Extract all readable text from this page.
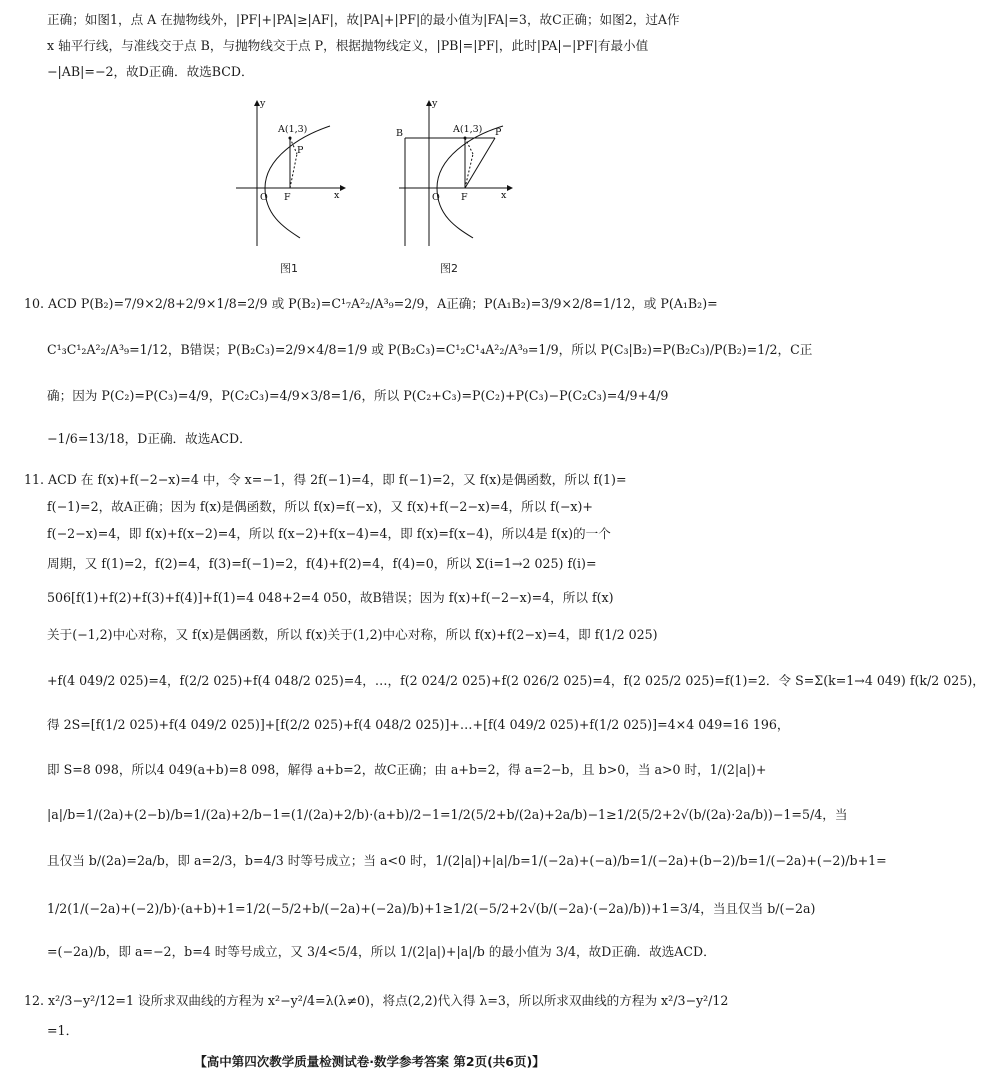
正确；如图1，点 A 在抛物线外，|PF|+|PA|≥|AF|，故|PA|+|PF|的最小值为|FA|=3，故C正确；如图2，过A作
x 轴平行线，与准线交于点 B，与抛物线交于点 P，根据抛物线定义，|PB|=|PF|，此时|PA|−|PF|有最小值
−|AB|=−2，故D正确．故选BCD．
y
x
O F
A(1,3)
P
图1
y
x
O F
A(1,3) P
B
图2
10. ACD P(B₂)=7/9×2/8+2/9×1/8=2/9 或 P(B₂)=C¹₇A²₂/A³₉=2/9，A正确；P(A₁B₂)=3/9×2/8=1/12，或 P(A₁B₂)=
C¹₃C¹₂A²₂/A³₉=1/12，B错误；P(B₂C₃)=2/9×4/8=1/9 或 P(B₂C₃)=C¹₂C¹₄A²₂/A³₉=1/9，所以 P(C₃|B₂)=P(B₂C₃)/P(B₂)=1/2，C正
确；因为 P(C₂)=P(C₃)=4/9，P(C₂C₃)=4/9×3/8=1/6，所以 P(C₂+C₃)=P(C₂)+P(C₃)−P(C₂C₃)=4/9+4/9
−1/6=13/18，D正确．故选ACD．
11. ACD 在 f(x)+f(−2−x)=4 中，令 x=−1，得 2f(−1)=4，即 f(−1)=2，又 f(x)是偶函数，所以 f(1)=
f(−1)=2，故A正确；因为 f(x)是偶函数，所以 f(x)=f(−x)，又 f(x)+f(−2−x)=4，所以 f(−x)+
f(−2−x)=4，即 f(x)+f(x−2)=4，所以 f(x−2)+f(x−4)=4，即 f(x)=f(x−4)，所以4是 f(x)的一个
周期，又 f(1)=2，f(2)=4，f(3)=f(−1)=2，f(4)+f(2)=4，f(4)=0，所以 Σ(i=1→2 025) f(i)=
506[f(1)+f(2)+f(3)+f(4)]+f(1)=4 048+2=4 050，故B错误；因为 f(x)+f(−2−x)=4，所以 f(x)
关于(−1,2)中心对称，又 f(x)是偶函数，所以 f(x)关于(1,2)中心对称，所以 f(x)+f(2−x)=4，即 f(1/2 025)
+f(4 049/2 025)=4，f(2/2 025)+f(4 048/2 025)=4，…，f(2 024/2 025)+f(2 026/2 025)=4，f(2 025/2 025)=f(1)=2．令 S=Σ(k=1→4 049) f(k/2 025)，
得 2S=[f(1/2 025)+f(4 049/2 025)]+[f(2/2 025)+f(4 048/2 025)]+…+[f(4 049/2 025)+f(1/2 025)]=4×4 049=16 196，
即 S=8 098，所以4 049(a+b)=8 098，解得 a+b=2，故C正确；由 a+b=2，得 a=2−b，且 b>0，当 a>0 时，1/(2|a|)+
|a|/b=1/(2a)+(2−b)/b=1/(2a)+2/b−1=(1/(2a)+2/b)·(a+b)/2−1=1/2(5/2+b/(2a)+2a/b)−1≥1/2(5/2+2√(b/(2a)·2a/b))−1=5/4，当
且仅当 b/(2a)=2a/b，即 a=2/3，b=4/3 时等号成立；当 a<0 时，1/(2|a|)+|a|/b=1/(−2a)+(−a)/b=1/(−2a)+(b−2)/b=1/(−2a)+(−2)/b+1=
1/2(1/(−2a)+(−2)/b)·(a+b)+1=1/2(−5/2+b/(−2a)+(−2a)/b)+1≥1/2(−5/2+2√(b/(−2a)·(−2a)/b))+1=3/4，当且仅当 b/(−2a)
=(−2a)/b，即 a=−2，b=4 时等号成立，又 3/4<5/4，所以 1/(2|a|)+|a|/b 的最小值为 3/4，故D正确．故选ACD．
12. x²/3−y²/12=1 设所求双曲线的方程为 x²−y²/4=λ(λ≠0)，将点(2,2)代入得 λ=3，所以所求双曲线的方程为 x²/3−y²/12
=1．
【高中第四次教学质量检测试卷·数学参考答案 第2页(共6页)】
